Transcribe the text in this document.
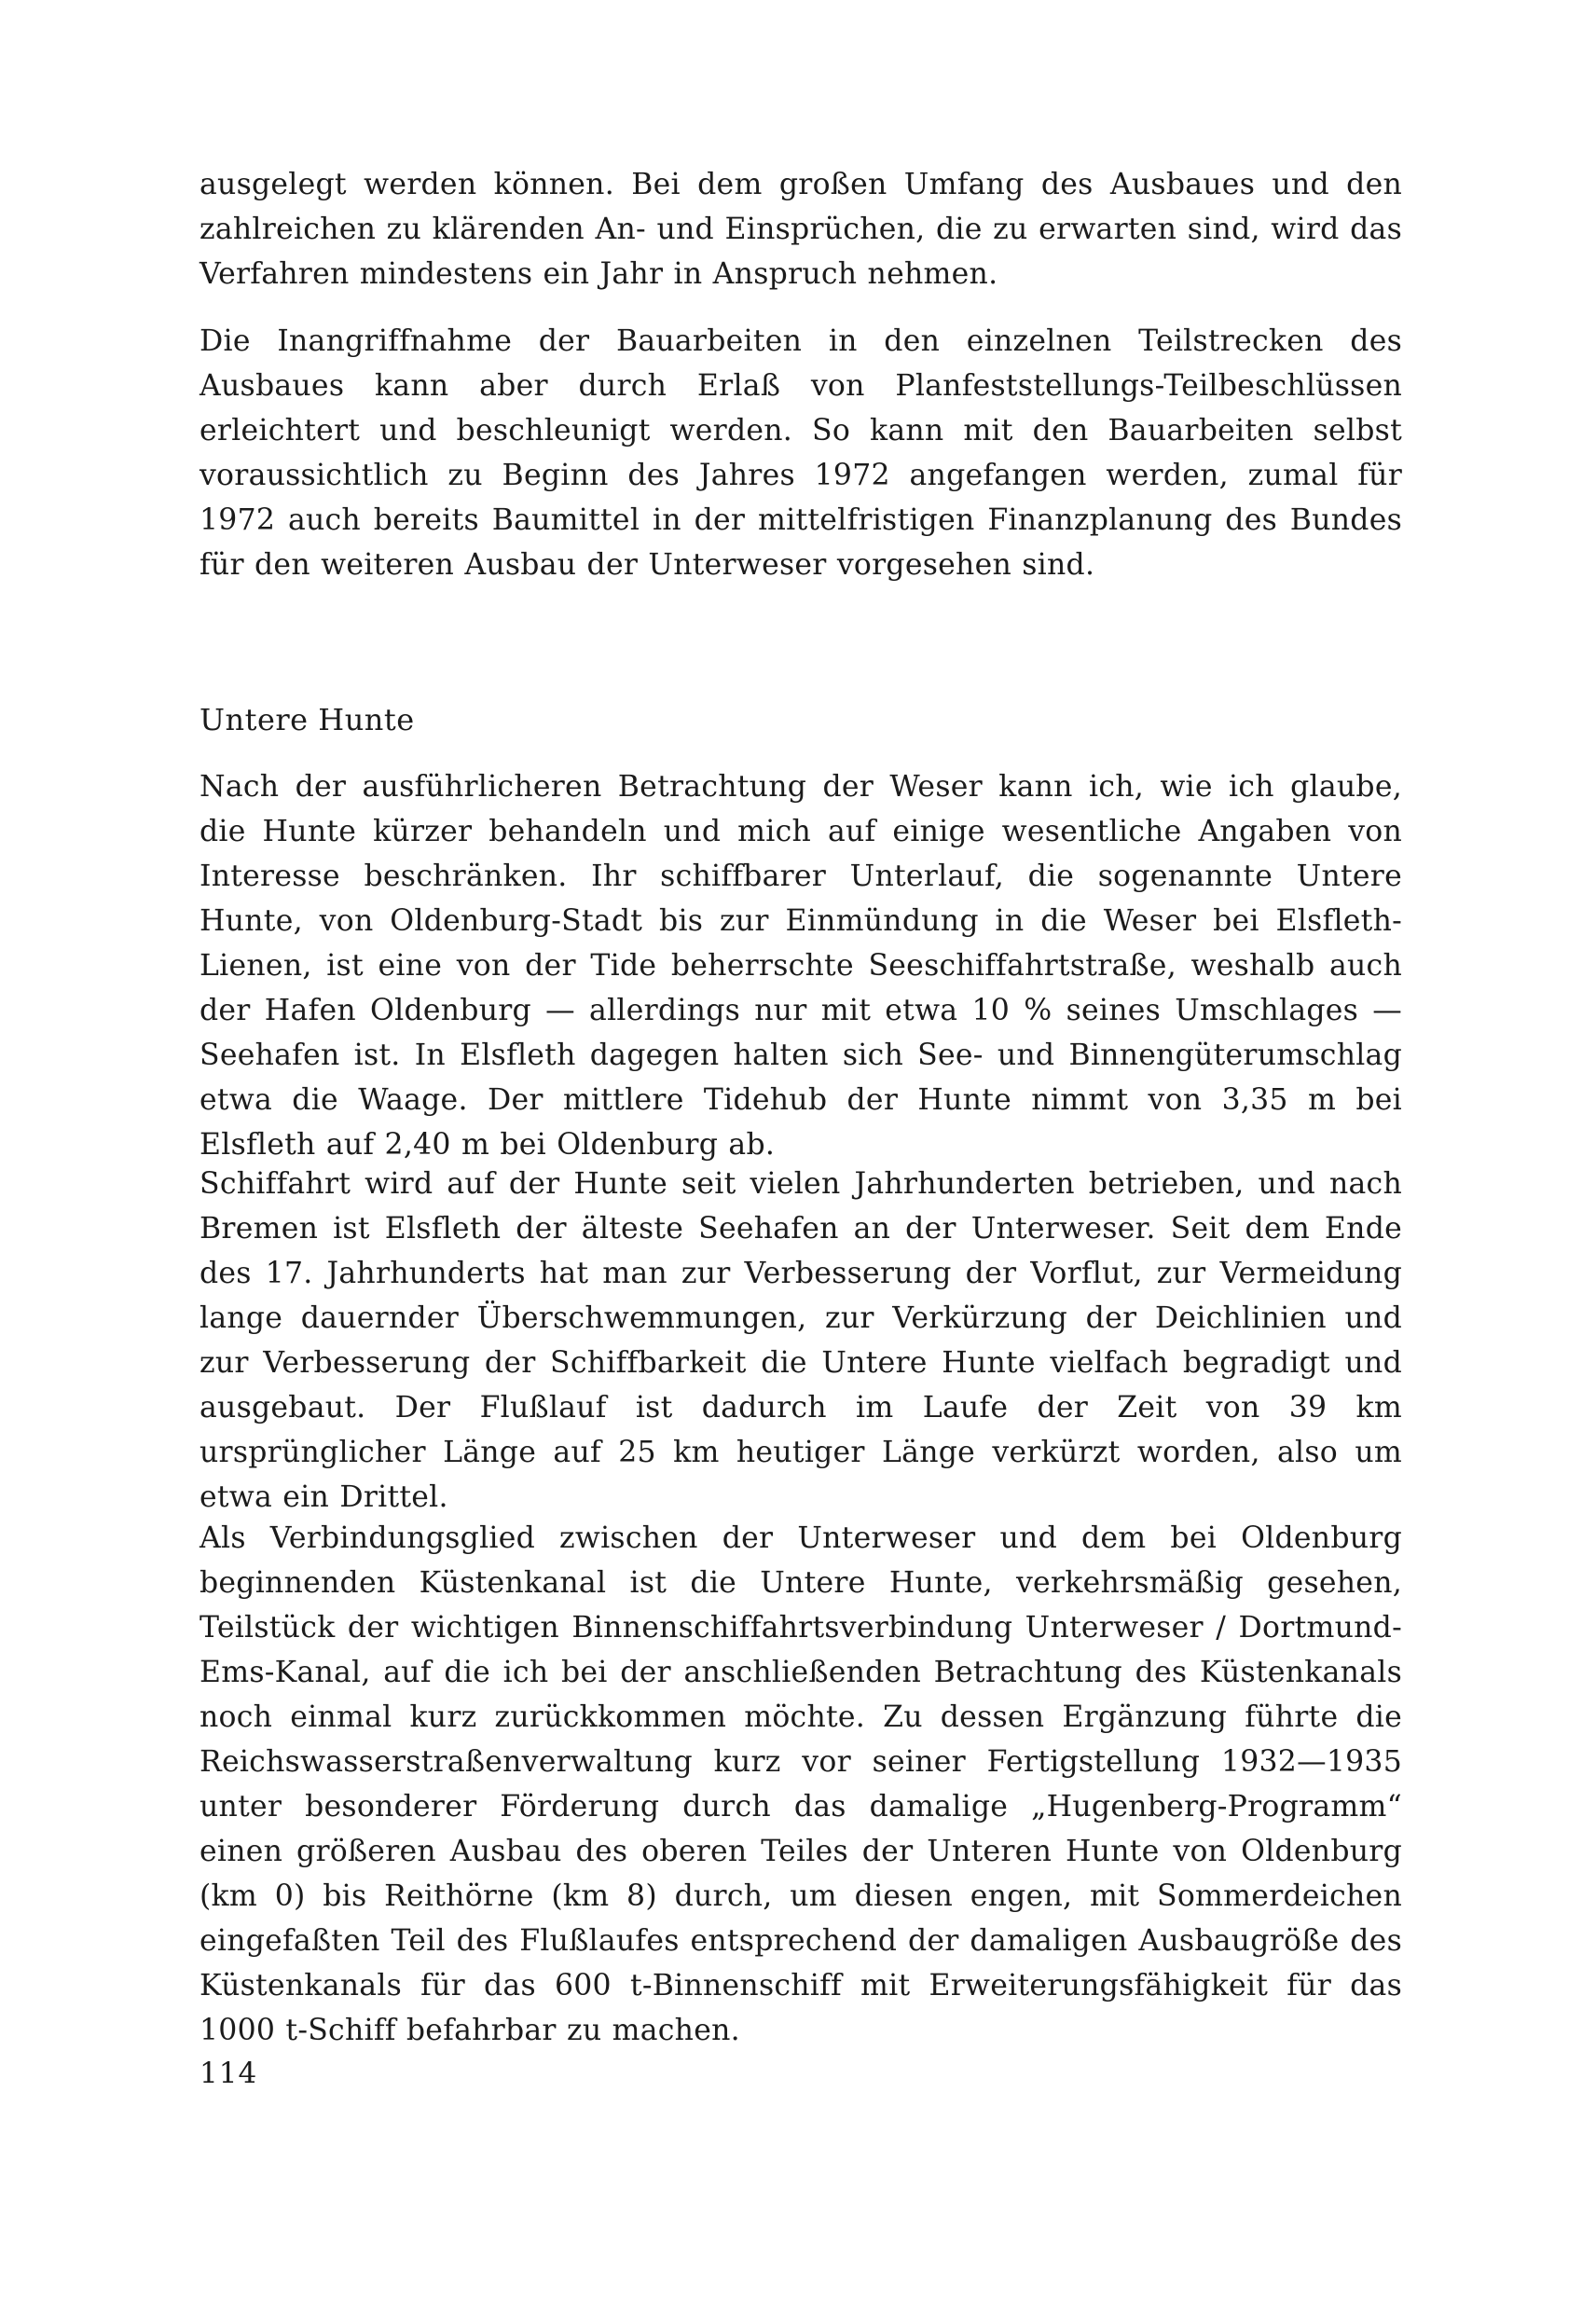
ausgelegt werden können. Bei dem großen Umfang des Ausbaues und den zahlreichen zu klärenden An- und Einsprüchen, die zu erwarten sind, wird das Verfahren mindestens ein Jahr in Anspruch nehmen.

Die Inangriffnahme der Bauarbeiten in den einzelnen Teilstrecken des Ausbaues kann aber durch Erlaß von Planfeststellungs-Teilbeschlüssen erleichtert und beschleunigt werden. So kann mit den Bauarbeiten selbst voraussichtlich zu Beginn des Jahres 1972 angefangen werden, zumal für 1972 auch bereits Baumittel in der mittelfristigen Finanzplanung des Bundes für den weiteren Ausbau der Unterweser vorgesehen sind.

Untere Hunte

Nach der ausführlicheren Betrachtung der Weser kann ich, wie ich glaube, die Hunte kürzer behandeln und mich auf einige wesentliche Angaben von Interesse beschränken. Ihr schiffbarer Unterlauf, die sogenannte Untere Hunte, von Oldenburg-Stadt bis zur Einmündung in die Weser bei Elsfleth-Lienen, ist eine von der Tide beherrschte Seeschiffahrtstraße, weshalb auch der Hafen Oldenburg — allerdings nur mit etwa 10 % seines Umschlages — Seehafen ist. In Elsfleth dagegen halten sich See- und Binnengüterumschlag etwa die Waage. Der mittlere Tidehub der Hunte nimmt von 3,35 m bei Elsfleth auf 2,40 m bei Oldenburg ab.

Schiffahrt wird auf der Hunte seit vielen Jahrhunderten betrieben, und nach Bremen ist Elsfleth der älteste Seehafen an der Unterweser. Seit dem Ende des 17. Jahrhunderts hat man zur Verbesserung der Vorflut, zur Vermeidung lange dauernder Überschwemmungen, zur Verkürzung der Deichlinien und zur Verbesserung der Schiffbarkeit die Untere Hunte vielfach begradigt und ausgebaut. Der Flußlauf ist dadurch im Laufe der Zeit von 39 km ursprünglicher Länge auf 25 km heutiger Länge verkürzt worden, also um etwa ein Drittel.

Als Verbindungsglied zwischen der Unterweser und dem bei Oldenburg beginnenden Küstenkanal ist die Untere Hunte, verkehrsmäßig gesehen, Teilstück der wichtigen Binnenschiffahrtsverbindung Unterweser / Dortmund-Ems-Kanal, auf die ich bei der anschließenden Betrachtung des Küstenkanals noch einmal kurz zurückkommen möchte. Zu dessen Ergänzung führte die Reichswasserstraßenverwaltung kurz vor seiner Fertigstellung 1932—1935 unter besonderer Förderung durch das damalige „Hugenberg-Programm“ einen größeren Ausbau des oberen Teiles der Unteren Hunte von Oldenburg (km 0) bis Reithörne (km 8) durch, um diesen engen, mit Sommerdeichen eingefaßten Teil des Flußlaufes entsprechend der damaligen Ausbaugröße des Küstenkanals für das 600 t-Binnenschiff mit Erweiterungsfähigkeit für das 1000 t-Schiff befahrbar zu machen.

114
